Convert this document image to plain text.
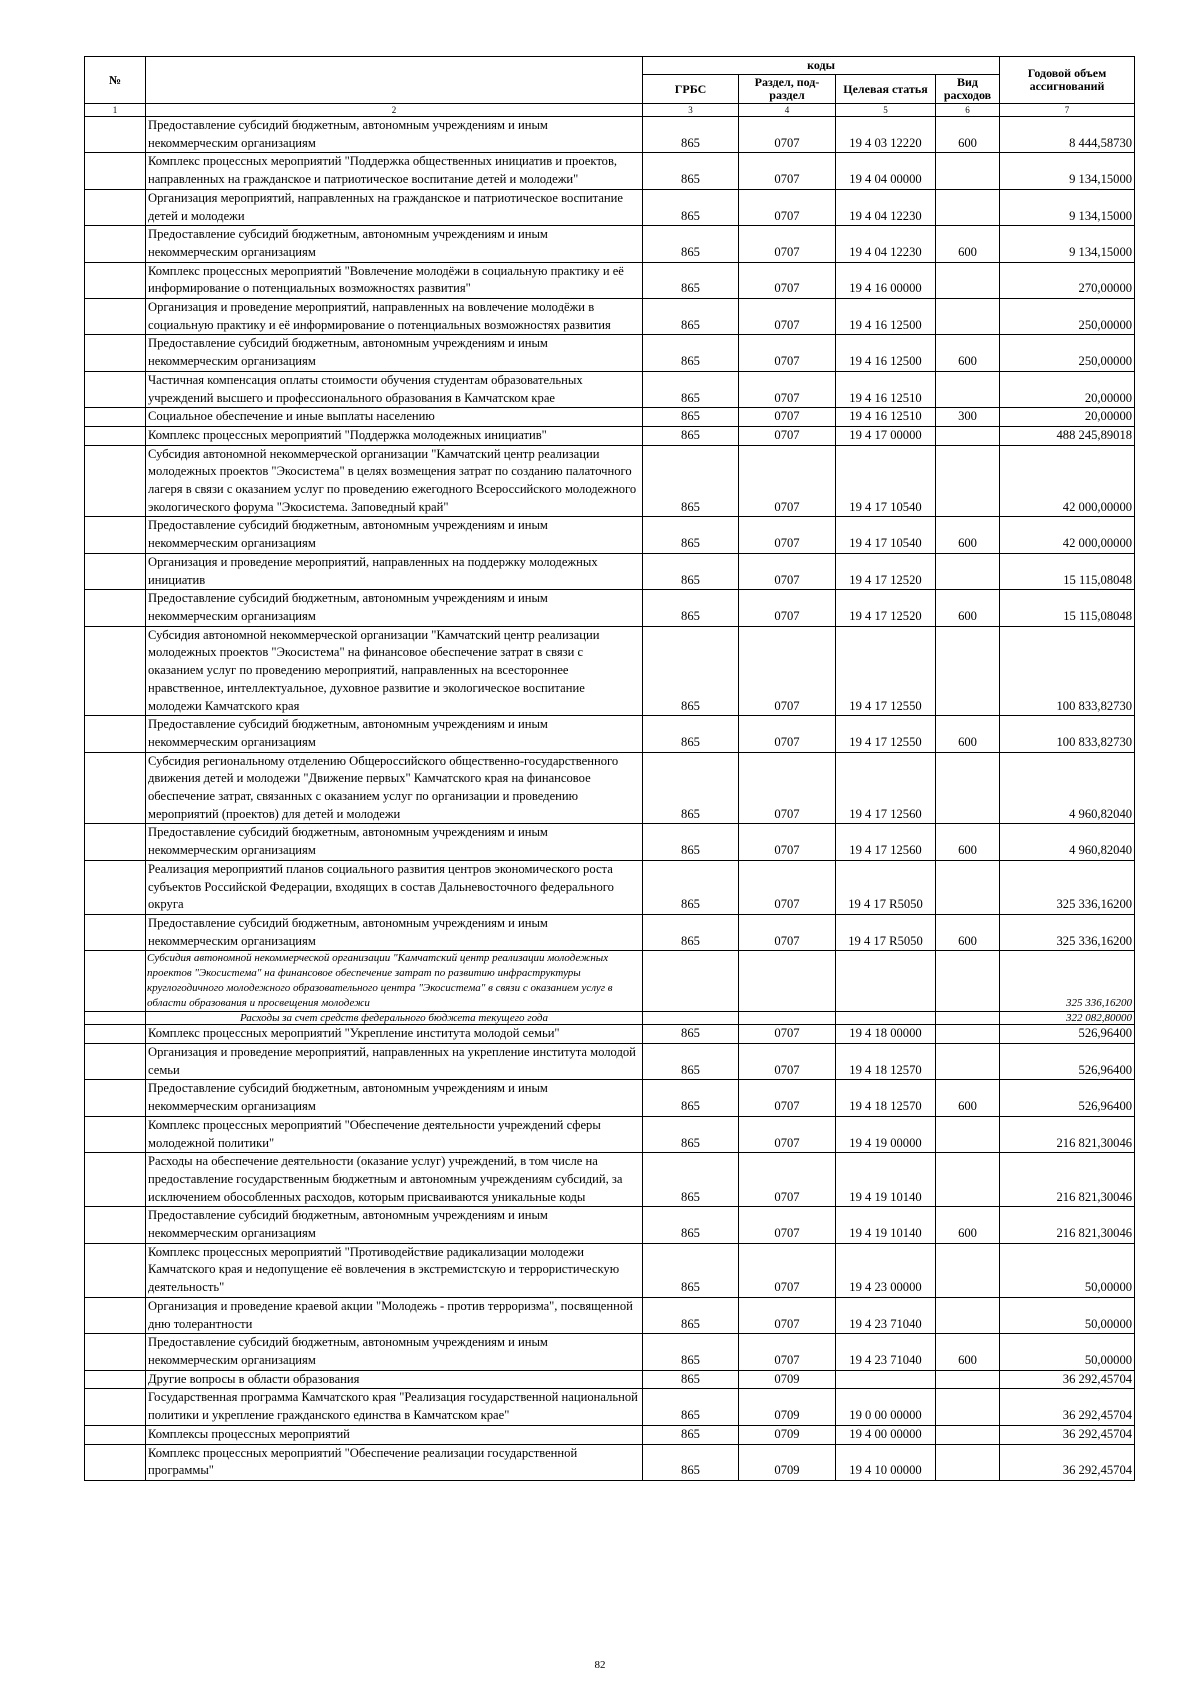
№		коды				Годовой объем ассигнований
		ГРБС	Раздел, под-раздел	Целевая статья	Вид расходов	
1	2	3	4	5	6	7
	Предоставление субсидий бюджетным, автономным учреждениям и иным некоммерческим организациям	865	0707	19 4 03 12220	600	8 444,58730
	Комплекс процессных мероприятий "Поддержка общественных инициатив и проектов, направленных на гражданское и патриотическое воспитание детей и молодежи"	865	0707	19 4 04 00000		9 134,15000
	Организация мероприятий, направленных на гражданское и патриотическое воспитание детей и молодежи	865	0707	19 4 04 12230		9 134,15000
	Предоставление субсидий бюджетным, автономным учреждениям и иным некоммерческим организациям	865	0707	19 4 04 12230	600	9 134,15000
	Комплекс процессных мероприятий "Вовлечение молодёжи в социальную практику и её информирование о потенциальных возможностях развития"	865	0707	19 4 16 00000		270,00000
	Организация и проведение мероприятий, направленных на вовлечение молодёжи в социальную практику и её информирование о потенциальных возможностях развития	865	0707	19 4 16 12500		250,00000
	Предоставление субсидий бюджетным, автономным учреждениям и иным некоммерческим организациям	865	0707	19 4 16 12500	600	250,00000
	Частичная компенсация оплаты стоимости обучения студентам образовательных учреждений высшего и профессионального образования в Камчатском крае	865	0707	19 4 16 12510		20,00000
	Социальное обеспечение и иные выплаты населению	865	0707	19 4 16 12510	300	20,00000
	Комплекс процессных мероприятий "Поддержка молодежных инициатив"	865	0707	19 4 17 00000		488 245,89018
	Субсидия автономной некоммерческой организации "Камчатский центр реализации молодежных проектов "Экосистема" в целях возмещения затрат по созданию палаточного лагеря в связи с оказанием услуг по проведению ежегодного Всероссийского молодежного экологического форума "Экосистема. Заповедный край"	865	0707	19 4 17 10540		42 000,00000
	Предоставление субсидий бюджетным, автономным учреждениям и иным некоммерческим организациям	865	0707	19 4 17 10540	600	42 000,00000
	Организация и проведение мероприятий, направленных на поддержку молодежных инициатив	865	0707	19 4 17 12520		15 115,08048
	Предоставление субсидий бюджетным, автономным учреждениям и иным некоммерческим организациям	865	0707	19 4 17 12520	600	15 115,08048
	Субсидия автономной некоммерческой организации "Камчатский центр реализации молодежных проектов "Экосистема" на финансовое обеспечение затрат в связи с оказанием услуг по проведению мероприятий, направленных на всестороннее нравственное, интеллектуальное, духовное развитие и экологическое воспитание молодежи Камчатского края	865	0707	19 4 17 12550		100 833,82730
	Предоставление субсидий бюджетным, автономным учреждениям и иным некоммерческим организациям	865	0707	19 4 17 12550	600	100 833,82730
	Субсидия региональному отделению Общероссийского общественно-государственного движения детей и молодежи "Движение первых" Камчатского края на финансовое обеспечение затрат, связанных с оказанием услуг по организации и проведению мероприятий (проектов) для детей и молодежи	865	0707	19 4 17 12560		4 960,82040
	Предоставление субсидий бюджетным, автономным учреждениям и иным некоммерческим организациям	865	0707	19 4 17 12560	600	4 960,82040
	Реализация мероприятий планов социального развития центров экономического роста субъектов Российской Федерации, входящих в состав Дальневосточного федерального округа	865	0707	19 4 17 R5050		325 336,16200
	Предоставление субсидий бюджетным, автономным учреждениям и иным некоммерческим организациям	865	0707	19 4 17 R5050	600	325 336,16200
	Субсидия автономной некоммерческой организации "Камчатский центр реализации молодежных проектов "Экосистема" на финансовое обеспечение затрат по развитию инфраструктуры круглогодичного молодежного образовательного центра "Экосистема" в связи с оказанием услуг в области образования и просвещения молодежи					325 336,16200
	Расходы за счет средств федерального бюджета текущего года					322 082,80000
	Комплекс процессных мероприятий "Укрепление института молодой семьи"	865	0707	19 4 18 00000		526,96400
	Организация и проведение мероприятий, направленных на укрепление института молодой семьи	865	0707	19 4 18 12570		526,96400
	Предоставление субсидий бюджетным, автономным учреждениям и иным некоммерческим организациям	865	0707	19 4 18 12570	600	526,96400
	Комплекс процессных мероприятий "Обеспечение деятельности учреждений сферы молодежной политики"	865	0707	19 4 19 00000		216 821,30046
	Расходы на обеспечение деятельности (оказание услуг) учреждений, в том числе на предоставление государственным бюджетным и автономным учреждениям субсидий, за исключением обособленных расходов, которым присваиваются уникальные коды	865	0707	19 4 19 10140		216 821,30046
	Предоставление субсидий бюджетным, автономным учреждениям и иным некоммерческим организациям	865	0707	19 4 19 10140	600	216 821,30046
	Комплекс процессных мероприятий "Противодействие радикализации молодежи Камчатского края и недопущение её вовлечения в экстремистскую и террористическую деятельность"	865	0707	19 4 23 00000		50,00000
	Организация и проведение краевой акции "Молодежь - против терроризма", посвященной дню толерантности	865	0707	19 4 23 71040		50,00000
	Предоставление субсидий бюджетным, автономным учреждениям и иным некоммерческим организациям	865	0707	19 4 23 71040	600	50,00000
	Другие вопросы в области образования	865	0709			36 292,45704
	Государственная программа Камчатского края "Реализация государственной национальной политики и укрепление гражданского единства в Камчатском крае"	865	0709	19 0 00 00000		36 292,45704
	Комплексы процессных мероприятий	865	0709	19 4 00 00000		36 292,45704
	Комплекс процессных мероприятий "Обеспечение реализации государственной программы"	865	0709	19 4 10 00000		36 292,45704
82
